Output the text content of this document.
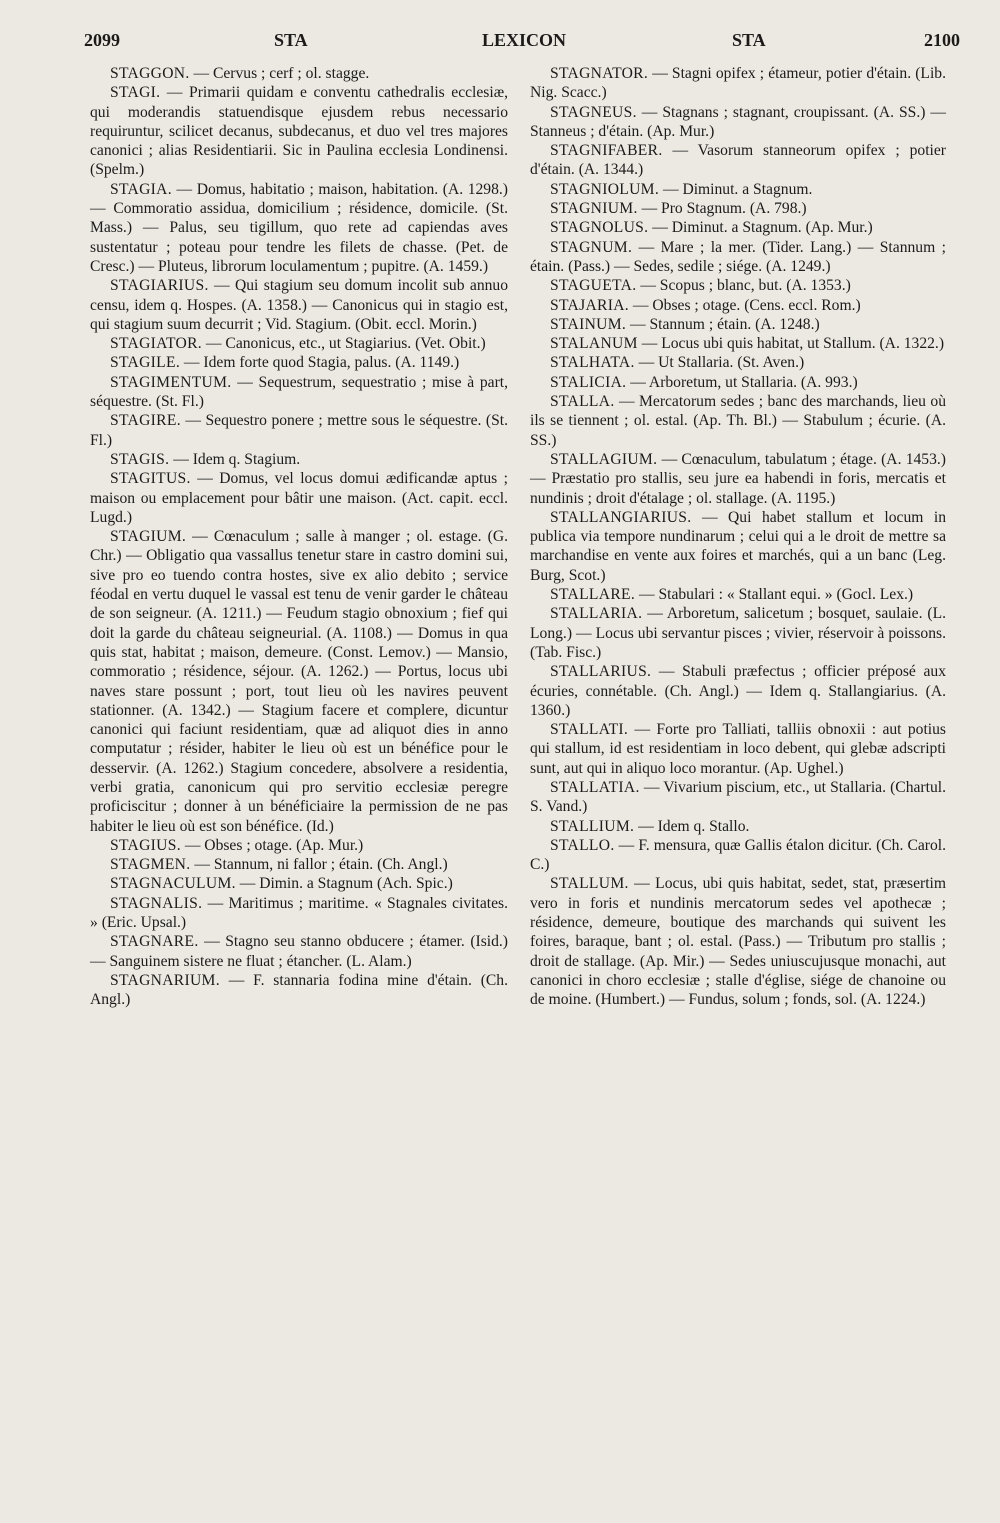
2099	STA	LEXICON	STA	2100

STAGGON. — Cervus ; cerf ; ol. stagge.

STAGI. — Primarii quidam e conventu cathedralis ecclesiæ, qui moderandis statuendisque ejusdem rebus necessario requiruntur, scilicet decanus, subdecanus, et duo vel tres majores canonici ; alias Residentiarii. Sic in Paulina ecclesia Londinensi. (Spelm.)

STAGIA. — Domus, habitatio ; maison, habitation. (A. 1298.) — Commoratio assidua, domicilium ; résidence, domicile. (St. Mass.) — Palus, seu tigillum, quo rete ad capiendas aves sustentatur ; poteau pour tendre les filets de chasse. (Pet. de Cresc.) — Pluteus, librorum loculamentum ; pupitre. (A. 1459.)

STAGIARIUS. — Qui stagium seu domum incolit sub annuo censu, idem q. Hospes. (A. 1358.) — Canonicus qui in stagio est, qui stagium suum decurrit ; Vid. Stagium. (Obit. eccl. Morin.)

STAGIATOR. — Canonicus, etc., ut Stagiarius. (Vet. Obit.)

STAGILE. — Idem forte quod Stagia, palus. (A. 1149.)

STAGIMENTUM. — Sequestrum, sequestratio ; mise à part, séquestre. (St. Fl.)

STAGIRE. — Sequestro ponere ; mettre sous le séquestre. (St. Fl.)

STAGIS. — Idem q. Stagium.

STAGITUS. — Domus, vel locus domui ædificandæ aptus ; maison ou emplacement pour bâtir une maison. (Act. capit. eccl. Lugd.)

STAGIUM. — Cœnaculum ; salle à manger ; ol. estage. (G. Chr.) — Obligatio qua vassallus tenetur stare in castro domini sui, sive pro eo tuendo contra hostes, sive ex alio debito ; service féodal en vertu duquel le vassal est tenu de venir garder le château de son seigneur. (A. 1211.) — Feudum stagio obnoxium ; fief qui doit la garde du château seigneurial. (A. 1108.) — Domus in qua quis stat, habitat ; maison, demeure. (Const. Lemov.) — Mansio, commoratio ; résidence, séjour. (A. 1262.) — Portus, locus ubi naves stare possunt ; port, tout lieu où les navires peuvent stationner. (A. 1342.) — Stagium facere et complere, dicuntur canonici qui faciunt residentiam, quæ ad aliquot dies in anno computatur ; résider, habiter le lieu où est un bénéfice pour le desservir. (A. 1262.) Stagium concedere, absolvere a residentia, verbi gratia, canonicum qui pro servitio ecclesiæ peregre proficiscitur ; donner à un bénéficiaire la permission de ne pas habiter le lieu où est son bénéfice. (Id.)

STAGIUS. — Obses ; otage. (Ap. Mur.)

STAGMEN. — Stannum, ni fallor ; étain. (Ch. Angl.)

STAGNACULUM. — Dimin. a Stagnum (Ach. Spic.)

STAGNALIS. — Maritimus ; maritime. « Stagnales civitates. » (Eric. Upsal.)

STAGNARE. — Stagno seu stanno obducere ; étamer. (Isid.) — Sanguinem sistere ne fluat ; étancher. (L. Alam.)

STAGNARIUM. — F. stannaria fodina mine d'étain. (Ch. Angl.)

STAGNATOR. — Stagni opifex ; étameur, potier d'étain. (Lib. Nig. Scacc.)

STAGNEUS. — Stagnans ; stagnant, croupissant. (A. SS.) — Stanneus ; d'étain. (Ap. Mur.)

STAGNIFABER. — Vasorum stanneorum opifex ; potier d'étain. (A. 1344.)

STAGNIOLUM. — Diminut. a Stagnum.

STAGNIUM. — Pro Stagnum. (A. 798.)

STAGNOLUS. — Diminut. a Stagnum. (Ap. Mur.)

STAGNUM. — Mare ; la mer. (Tider. Lang.) — Stannum ; étain. (Pass.) — Sedes, sedile ; siége. (A. 1249.)

STAGUETA. — Scopus ; blanc, but. (A. 1353.)

STAJARIA. — Obses ; otage. (Cens. eccl. Rom.)

STAINUM. — Stannum ; étain. (A. 1248.)

STALANUM — Locus ubi quis habitat, ut Stallum. (A. 1322.)

STALHATA. — Ut Stallaria. (St. Aven.)

STALICIA. — Arboretum, ut Stallaria. (A. 993.)

STALLA. — Mercatorum sedes ; banc des marchands, lieu où ils se tiennent ; ol. estal. (Ap. Th. Bl.) — Stabulum ; écurie. (A. SS.)

STALLAGIUM. — Cœnaculum, tabulatum ; étage. (A. 1453.) — Præstatio pro stallis, seu jure ea habendi in foris, mercatis et nundinis ; droit d'étalage ; ol. stallage. (A. 1195.)

STALLANGIARIUS. — Qui habet stallum et locum in publica via tempore nundinarum ; celui qui a le droit de mettre sa marchandise en vente aux foires et marchés, qui a un banc (Leg. Burg, Scot.)

STALLARE. — Stabulari : « Stallant equi. » (Gocl. Lex.)

STALLARIA. — Arboretum, salicetum ; bosquet, saulaie. (L. Long.) — Locus ubi servantur pisces ; vivier, réservoir à poissons. (Tab. Fisc.)

STALLARIUS. — Stabuli præfectus ; officier préposé aux écuries, connétable. (Ch. Angl.) — Idem q. Stallangiarius. (A. 1360.)

STALLATI. — Forte pro Talliati, talliis obnoxii : aut potius qui stallum, id est residentiam in loco debent, qui glebæ adscripti sunt, aut qui in aliquo loco morantur. (Ap. Ughel.)

STALLATIA. — Vivarium piscium, etc., ut Stallaria. (Chartul. S. Vand.)

STALLIUM. — Idem q. Stallo.

STALLO. — F. mensura, quæ Gallis étalon dicitur. (Ch. Carol. C.)

STALLUM. — Locus, ubi quis habitat, sedet, stat, præsertim vero in foris et nundinis mercatorum sedes vel apothecæ ; résidence, demeure, boutique des marchands qui suivent les foires, baraque, bant ; ol. estal. (Pass.) — Tributum pro stallis ; droit de stallage. (Ap. Mir.) — Sedes uniuscujusque monachi, aut canonici in choro ecclesiæ ; stalle d'église, siége de chanoine ou de moine. (Humbert.) — Fundus, solum ; fonds, sol. (A. 1224.)
